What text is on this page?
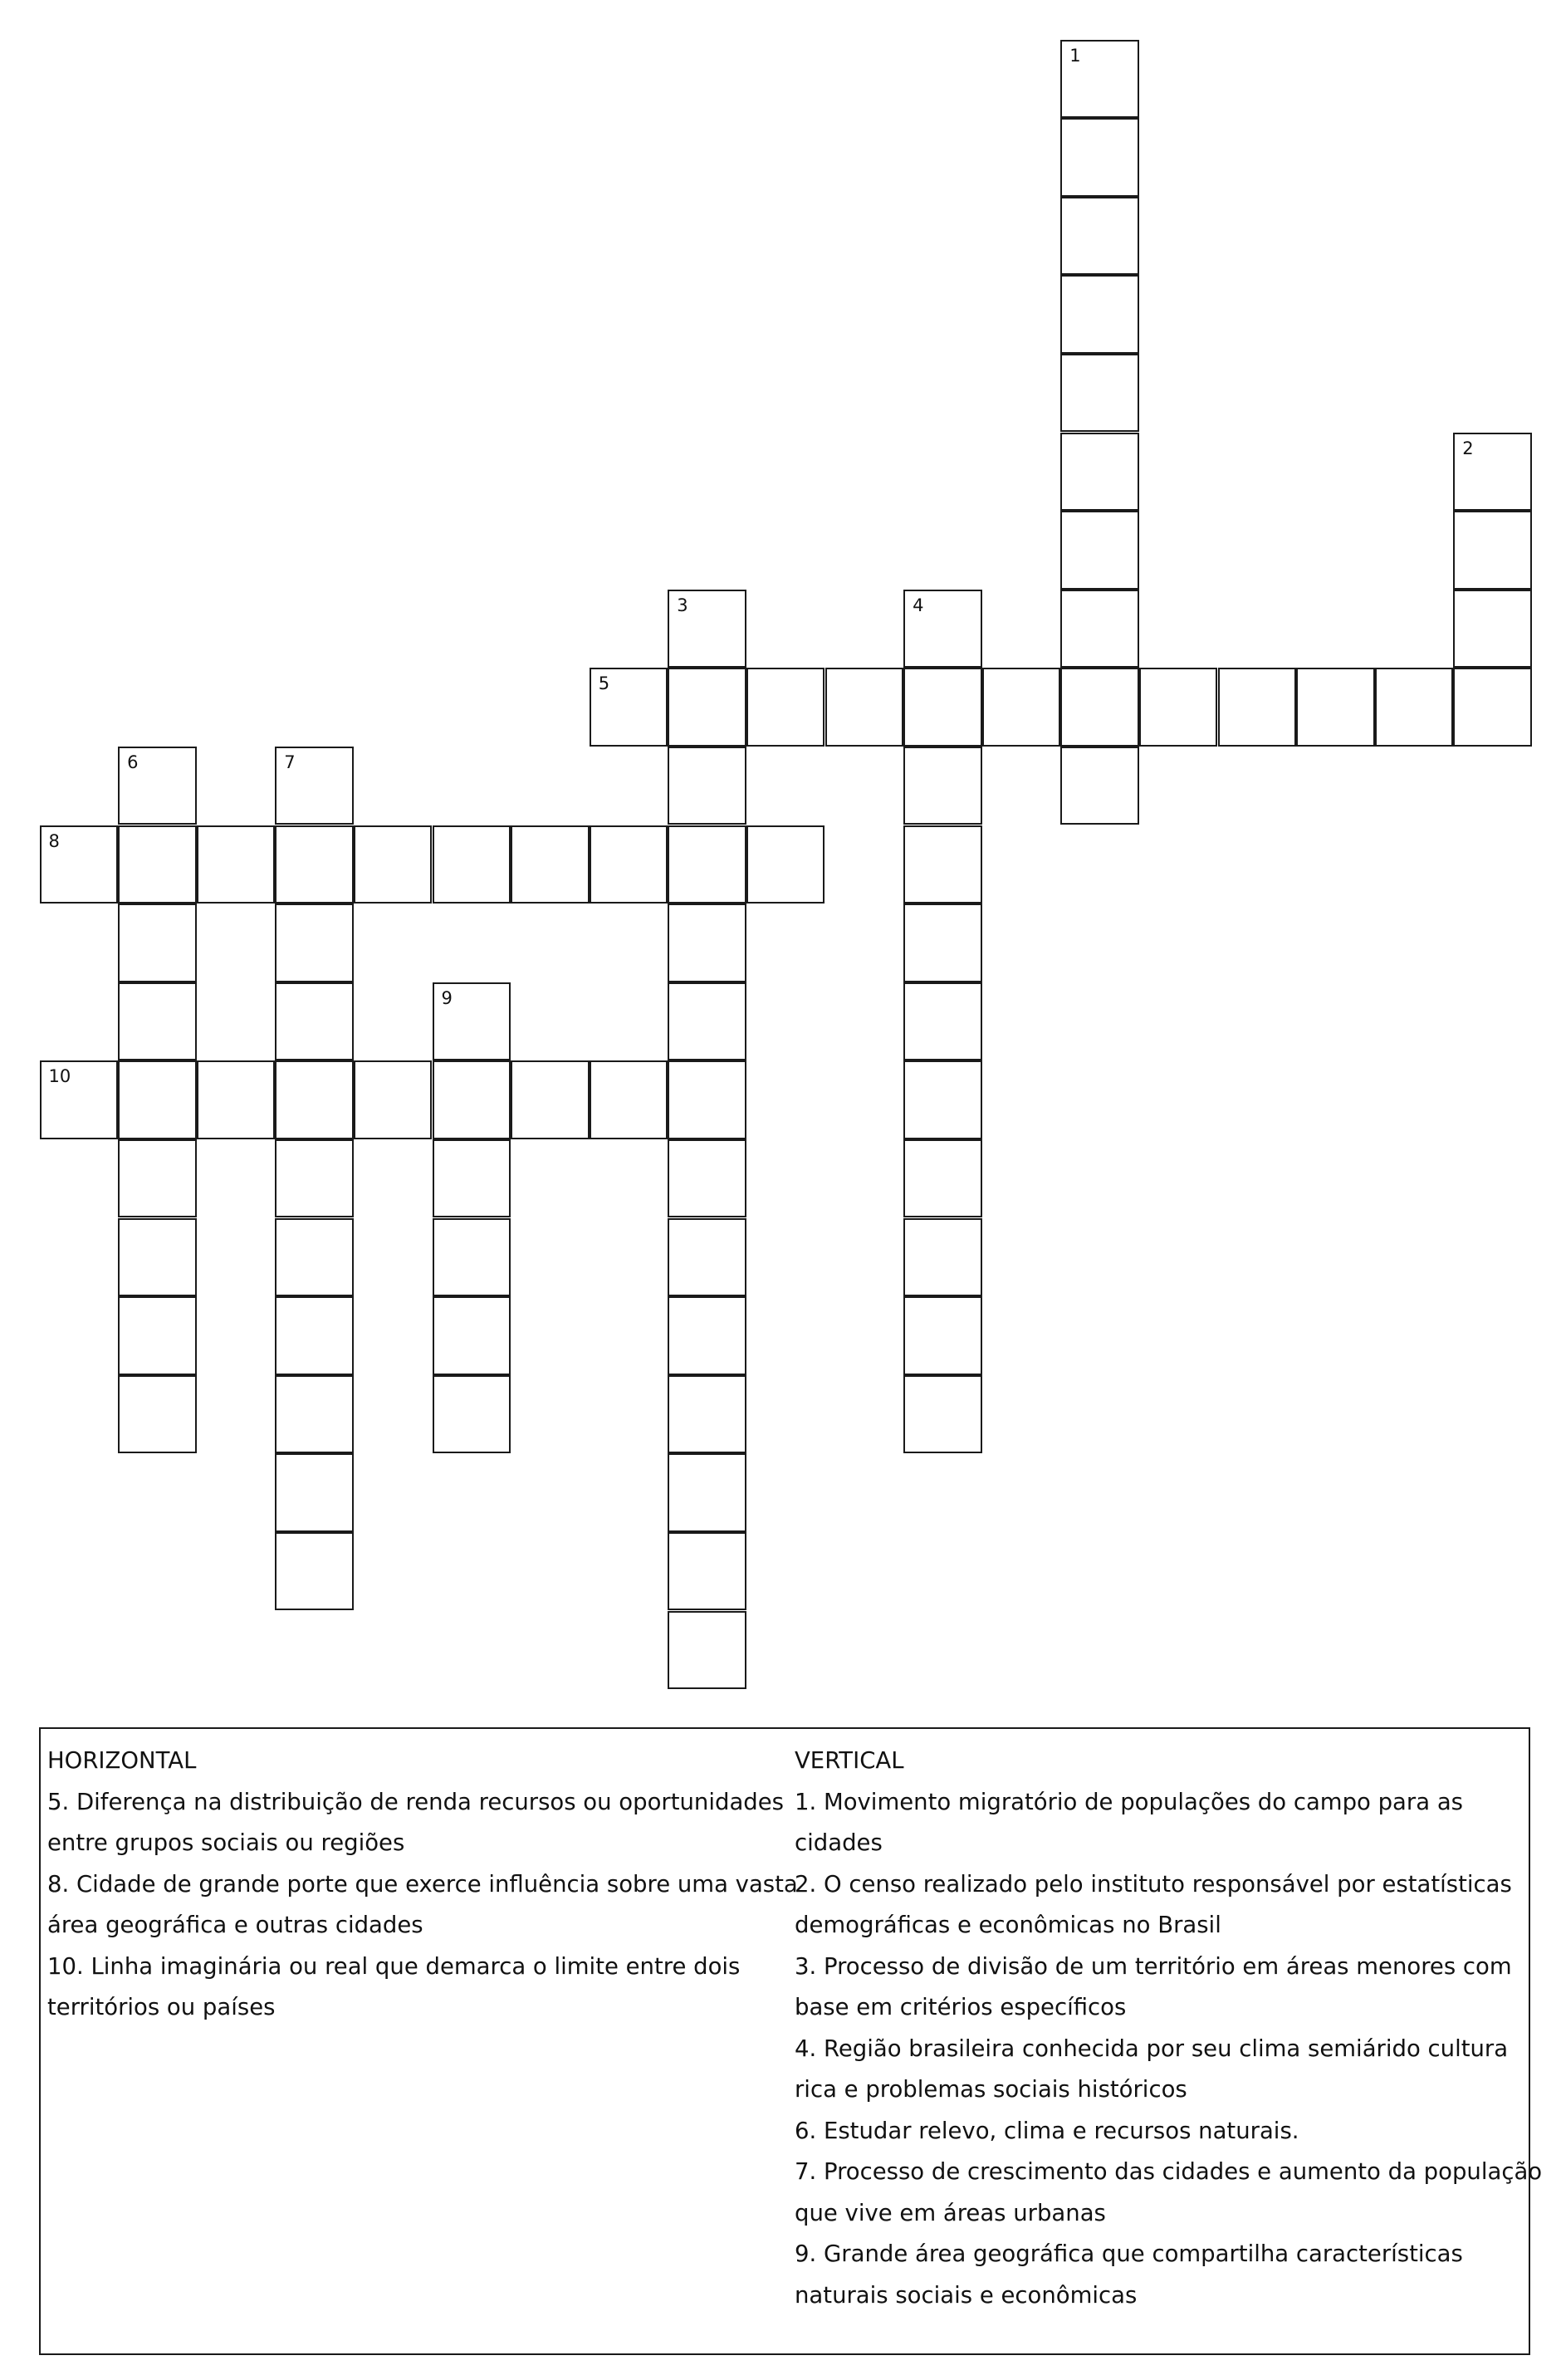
1
2
3	4
5
6	7
8
9
10
HORIZONTAL
5. Diferença na distribuição de renda recursos ou oportunidades
entre grupos sociais ou regiões
8. Cidade de grande porte que exerce influência sobre uma vasta
área geográfica e outras cidades
10. Linha imaginária ou real que demarca o limite entre dois
territórios ou países
VERTICAL
1. Movimento migratório de populações do campo para as
cidades
2. O censo realizado pelo instituto responsável por estatísticas
demográficas e econômicas no Brasil
3. Processo de divisão de um território em áreas menores com
base em critérios específicos
4. Região brasileira conhecida por seu clima semiárido cultura
rica e problemas sociais históricos
6. Estudar relevo, clima e recursos naturais.
7. Processo de crescimento das cidades e aumento da população
que vive em áreas urbanas
9. Grande área geográfica que compartilha características
naturais sociais e econômicas
